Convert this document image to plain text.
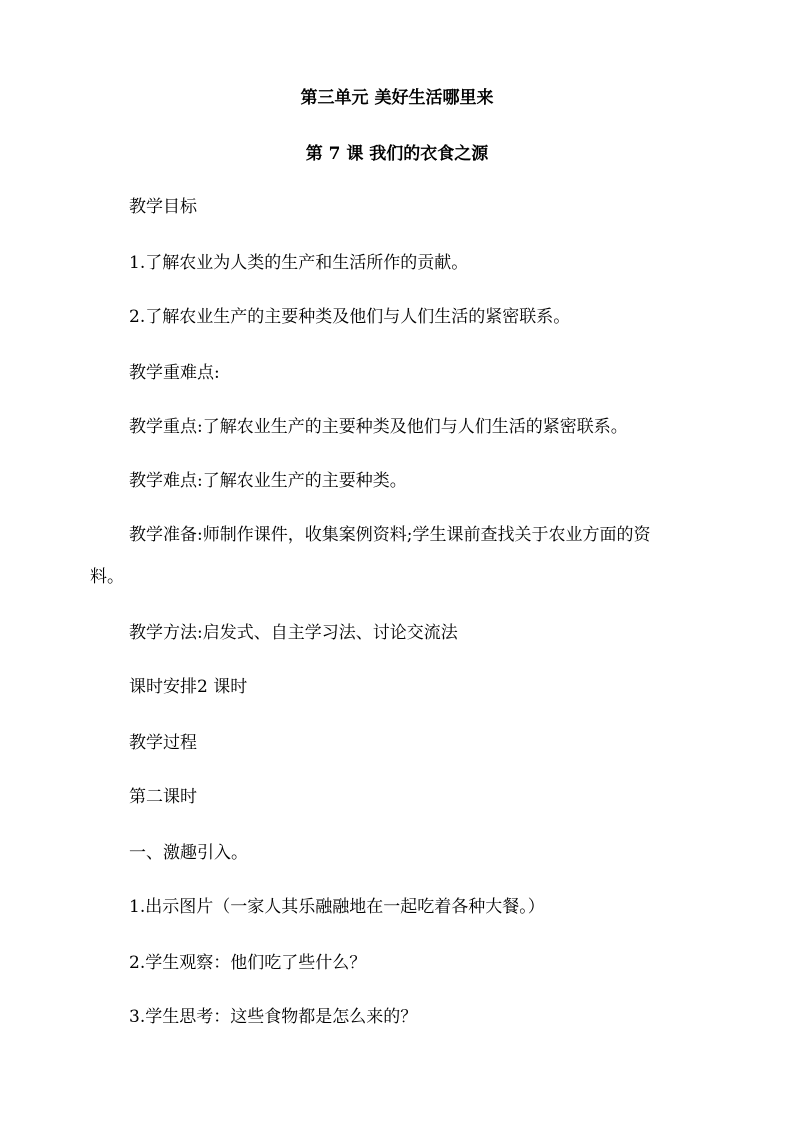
第三单元 美好生活哪里来
第 7 课 我们的衣食之源
教学目标
1.了解农业为人类的生产和生活所作的贡献。
2.了解农业生产的主要种类及他们与人们生活的紧密联系。
教学重难点:
教学重点:了解农业生产的主要种类及他们与人们生活的紧密联系。
教学难点:了解农业生产的主要种类。
教学准备:师制作课件，收集案例资料;学生课前查找关于农业方面的资
料。
教学方法:启发式、自主学习法、讨论交流法
课时安排2 课时
教学过程
第二课时
一、激趣引入。
1.出示图片（一家人其乐融融地在一起吃着各种大餐。）
2.学生观察：他们吃了些什么？
3.学生思考：这些食物都是怎么来的？
